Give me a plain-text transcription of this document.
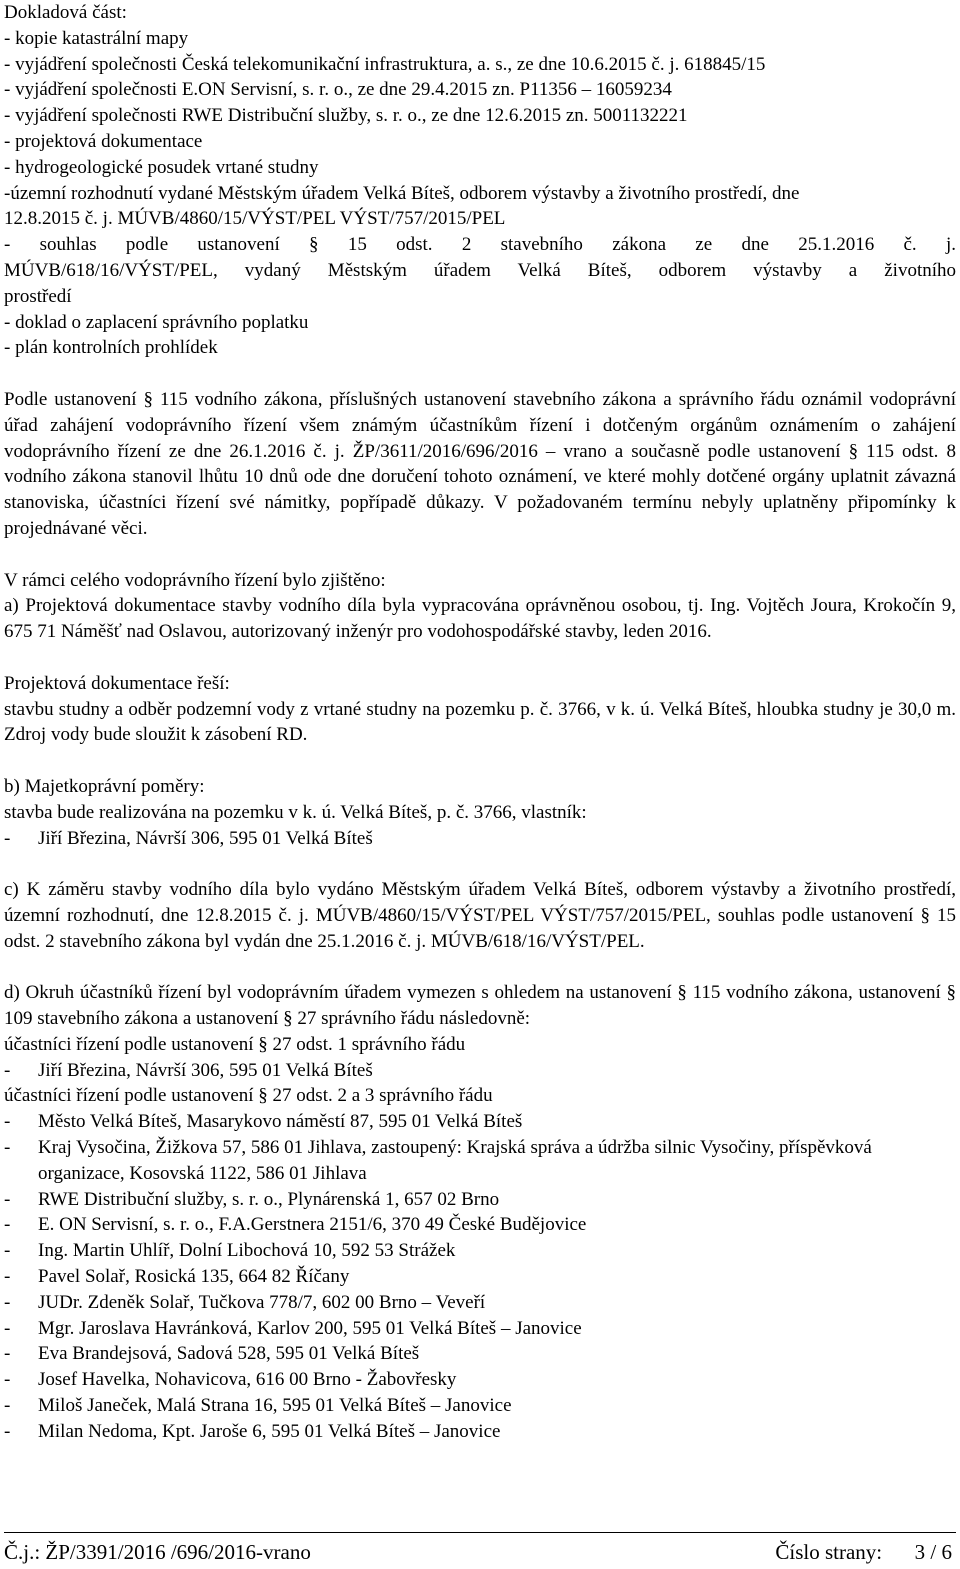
Dokladová část:

- kopie katastrální mapy

- vyjádření společnosti Česká telekomunikační infrastruktura, a. s., ze dne 10.6.2015 č. j. 618845/15

- vyjádření společnosti E.ON Servisní, s. r. o., ze dne 29.4.2015 zn. P11356 – 16059234

- vyjádření společnosti RWE Distribuční služby, s. r. o., ze dne 12.6.2015 zn. 5001132221

- projektová dokumentace

- hydrogeologické posudek vrtané studny

-územní rozhodnutí vydané Městským úřadem Velká Bíteš, odborem výstavby a životního prostředí, dne

12.8.2015 č. j. MÚVB/4860/15/VÝST/PEL VÝST/757/2015/PEL

- souhlas podle ustanovení § 15 odst. 2 stavebního zákona ze dne 25.1.2016 č. j.

MÚVB/618/16/VÝST/PEL, vydaný Městským úřadem Velká Bíteš, odborem výstavby a životního

prostředí

- doklad o zaplacení správního poplatku

- plán kontrolních prohlídek

Podle ustanovení § 115 vodního zákona, příslušných ustanovení stavebního zákona a správního řádu oznámil vodoprávní úřad zahájení vodoprávního řízení všem známým účastníkům řízení i dotčeným orgánům oznámením o zahájení vodoprávního řízení ze dne 26.1.2016 č. j. ŽP/3611/2016/696/2016 – vrano a současně podle ustanovení § 115 odst. 8 vodního zákona stanovil lhůtu 10 dnů ode dne doručení tohoto oznámení, ve které mohly dotčené orgány uplatnit závazná stanoviska, účastníci řízení své námitky, popřípadě důkazy. V požadovaném termínu nebyly uplatněny připomínky k projednávané věci.

V rámci celého vodoprávního řízení bylo zjištěno:

a) Projektová dokumentace stavby vodního díla byla vypracována oprávněnou osobou, tj. Ing. Vojtěch Joura, Krokočín 9, 675 71 Náměšť nad Oslavou, autorizovaný inženýr pro vodohospodářské stavby, leden 2016.

Projektová dokumentace řeší:

stavbu studny a odběr podzemní vody z vrtané studny na pozemku p. č. 3766, v k. ú. Velká Bíteš, hloubka studny je 30,0 m. Zdroj vody bude sloužit k zásobení RD.

b) Majetkoprávní poměry:

stavba bude realizována na pozemku v k. ú. Velká Bíteš, p. č. 3766, vlastník:

-	Jiří Březina, Návrší 306, 595 01 Velká Bíteš

c) K záměru stavby vodního díla bylo vydáno Městským úřadem Velká Bíteš, odborem výstavby a životního prostředí, územní rozhodnutí, dne 12.8.2015 č. j. MÚVB/4860/15/VÝST/PEL VÝST/757/2015/PEL, souhlas podle ustanovení § 15 odst. 2 stavebního zákona byl vydán dne 25.1.2016 č. j. MÚVB/618/16/VÝST/PEL.

d) Okruh účastníků řízení byl vodoprávním úřadem vymezen s ohledem na ustanovení § 115 vodního zákona, ustanovení § 109 stavebního zákona a ustanovení § 27 správního řádu následovně:

účastníci řízení podle ustanovení § 27 odst. 1 správního řádu

-	Jiří Březina, Návrší 306, 595 01 Velká Bíteš

účastníci řízení podle ustanovení § 27 odst. 2 a 3 správního řádu

-	Město Velká Bíteš, Masarykovo náměstí 87, 595 01 Velká Bíteš
-	Kraj Vysočina, Žižkova 57, 586 01 Jihlava, zastoupený: Krajská správa a údržba silnic Vysočiny, příspěvková organizace, Kosovská 1122, 586 01 Jihlava
-	RWE Distribuční služby, s. r. o., Plynárenská 1, 657 02 Brno
-	E. ON Servisní, s. r. o., F.A.Gerstnera 2151/6, 370 49 České Budějovice
-	Ing. Martin Uhlíř, Dolní Libochová 10, 592 53 Strážek
-	Pavel Solař, Rosická 135, 664 82 Říčany
-	JUDr. Zdeněk Solař, Tučkova 778/7, 602 00 Brno – Veveří
-	Mgr. Jaroslava Havránková, Karlov 200, 595 01 Velká Bíteš – Janovice
-	Eva Brandejsová, Sadová 528, 595 01 Velká Bíteš
-	Josef Havelka, Nohavicova, 616 00 Brno - Žabovřesky
-	Miloš Janeček, Malá Strana 16, 595 01 Velká Bíteš – Janovice
-	Milan Nedoma, Kpt. Jaroše 6, 595 01 Velká Bíteš – Janovice
Č.j.: ŽP/3391/2016 /696/2016-vrano	Číslo strany: 3 / 6
